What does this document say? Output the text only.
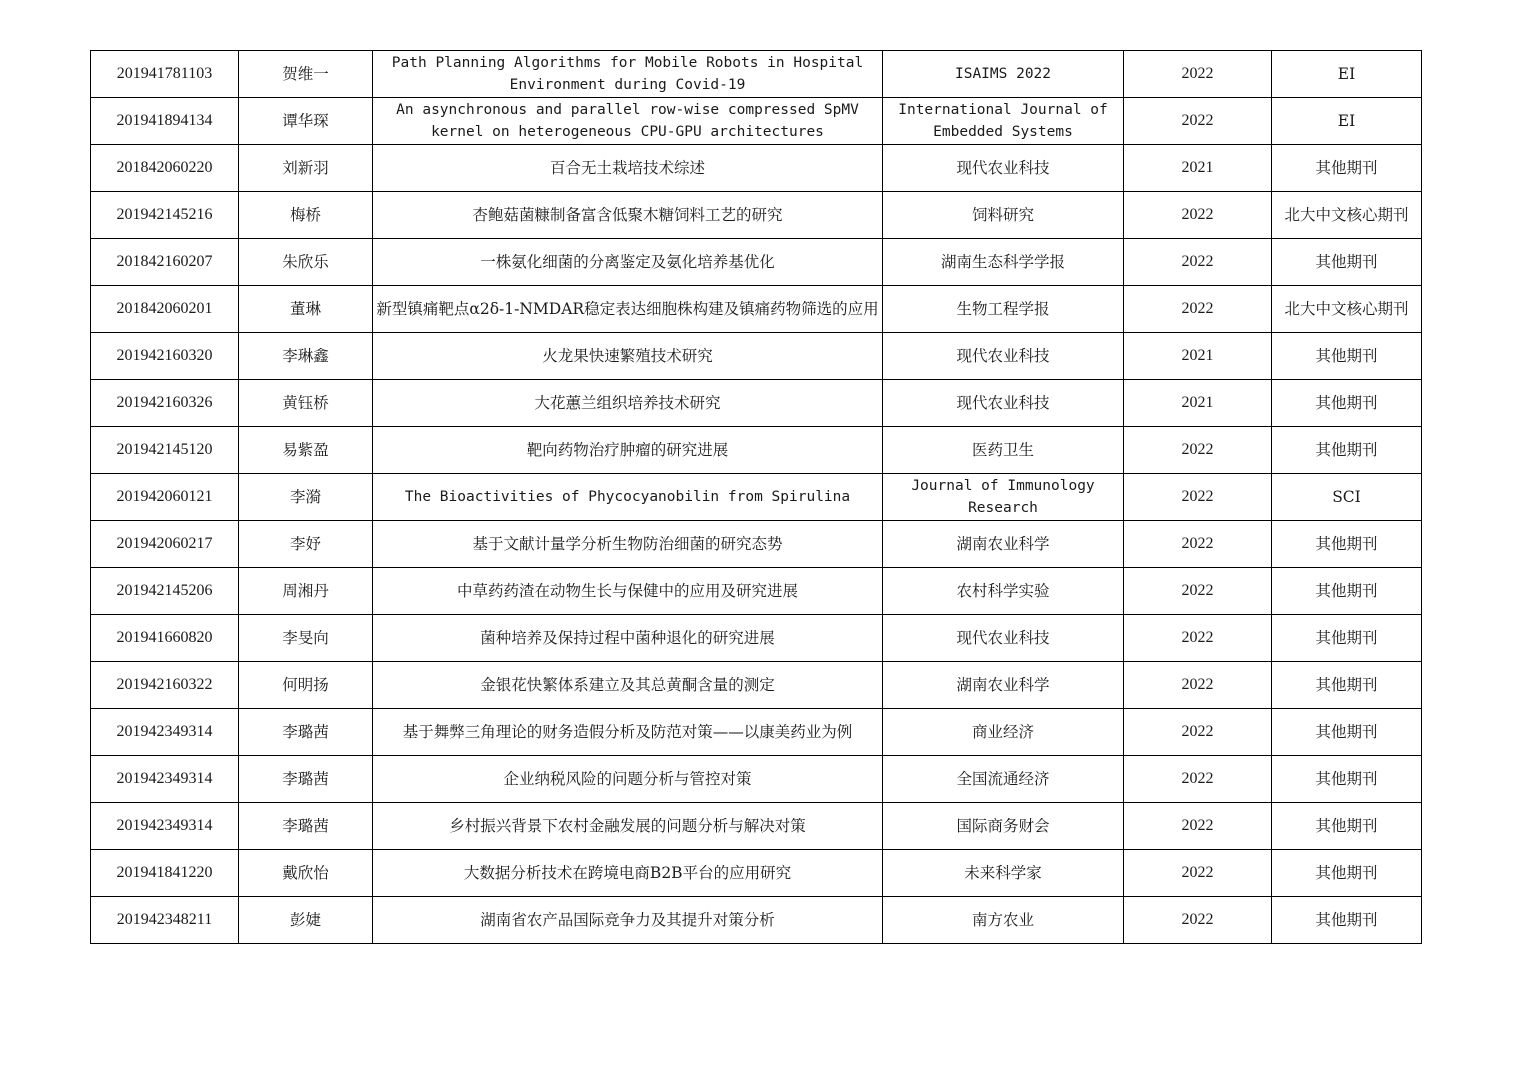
201941781103	贺维一	Path Planning Algorithms for Mobile Robots in Hospital Environment during Covid-19	ISAIMS 2022	2022	EI
201941894134	谭华琛	An asynchronous and parallel row-wise compressed SpMV kernel on heterogeneous CPU-GPU architectures	International Journal of Embedded Systems	2022	EI
201842060220	刘新羽	百合无土栽培技术综述	现代农业科技	2021	其他期刊
201942145216	梅桥	杏鲍菇菌糠制备富含低聚木糖饲料工艺的研究	饲料研究	2022	北大中文核心期刊
201842160207	朱欣乐	一株氨化细菌的分离鉴定及氨化培养基优化	湖南生态科学学报	2022	其他期刊
201842060201	董琳	新型镇痛靶点α2δ-1-NMDAR稳定表达细胞株构建及镇痛药物筛选的应用	生物工程学报	2022	北大中文核心期刊
201942160320	李琳鑫	火龙果快速繁殖技术研究	现代农业科技	2021	其他期刊
201942160326	黄钰桥	大花蕙兰组织培养技术研究	现代农业科技	2021	其他期刊
201942145120	易紫盈	靶向药物治疗肿瘤的研究进展	医药卫生	2022	其他期刊
201942060121	李漪	The Bioactivities of Phycocyanobilin from Spirulina	Journal of Immunology Research	2022	SCI
201942060217	李妤	基于文献计量学分析生物防治细菌的研究态势	湖南农业科学	2022	其他期刊
201942145206	周湘丹	中草药药渣在动物生长与保健中的应用及研究进展	农村科学实验	2022	其他期刊
201941660820	李旻向	菌种培养及保持过程中菌种退化的研究进展	现代农业科技	2022	其他期刊
201942160322	何明扬	金银花快繁体系建立及其总黄酮含量的测定	湖南农业科学	2022	其他期刊
201942349314	李璐茜	基于舞弊三角理论的财务造假分析及防范对策——以康美药业为例	商业经济	2022	其他期刊
201942349314	李璐茜	企业纳税风险的问题分析与管控对策	全国流通经济	2022	其他期刊
201942349314	李璐茜	乡村振兴背景下农村金融发展的问题分析与解决对策	国际商务财会	2022	其他期刊
201941841220	戴欣怡	大数据分析技术在跨境电商B2B平台的应用研究	未来科学家	2022	其他期刊
201942348211	彭婕	湖南省农产品国际竞争力及其提升对策分析	南方农业	2022	其他期刊
